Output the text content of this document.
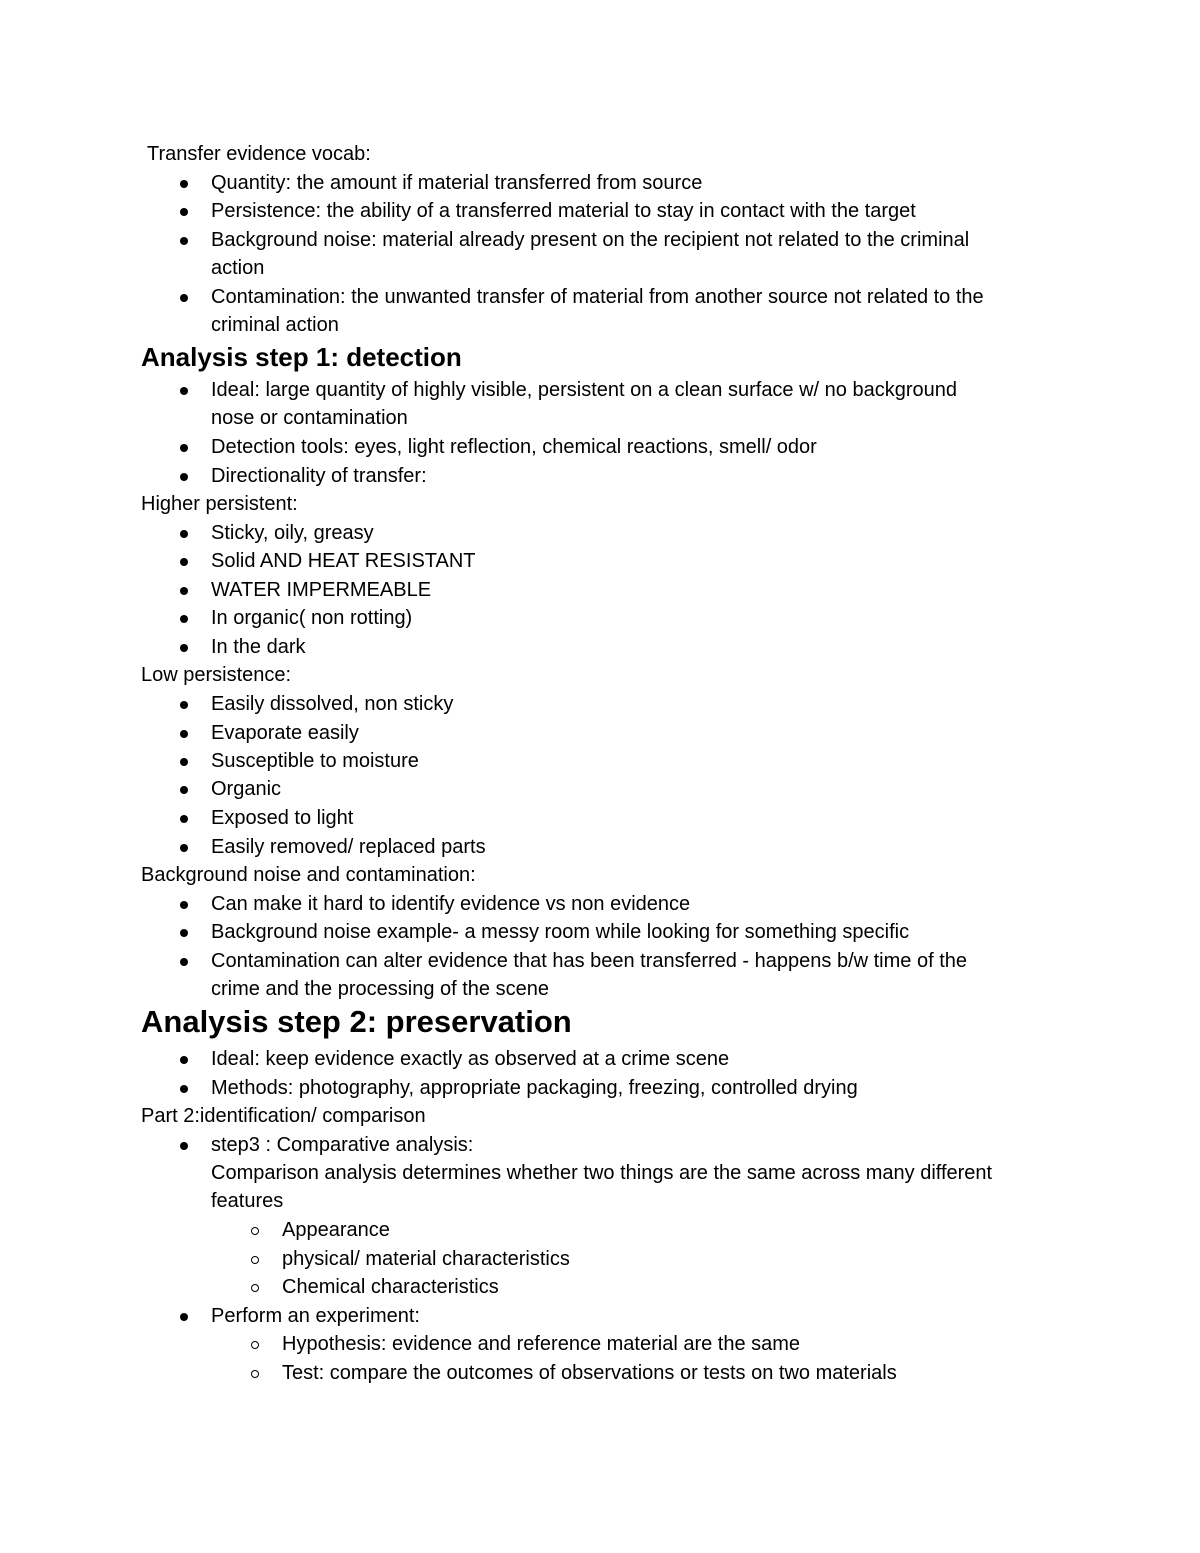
Transfer evidence vocab:
Quantity: the amount if material transferred from source
Persistence: the ability of a transferred material to stay in contact with the target
Background noise: material already present on the recipient not related to the criminal
action
Contamination: the unwanted transfer of material from another source not related to the
criminal action
Analysis step 1: detection
Ideal: large quantity of highly visible, persistent on a clean surface w/ no background
nose or contamination
Detection tools: eyes, light reflection, chemical reactions, smell/ odor
Directionality of transfer:
Higher persistent:
Sticky, oily, greasy
Solid AND HEAT RESISTANT
WATER IMPERMEABLE
In organic( non rotting)
In the dark
Low persistence:
Easily dissolved, non sticky
Evaporate easily
Susceptible to moisture
Organic
Exposed to light
Easily removed/ replaced parts
Background noise and contamination:
Can make it hard to identify evidence vs non evidence
Background noise example- a messy room while looking for something specific
Contamination can alter evidence that has been transferred - happens b/w time of the
crime and the processing of the scene
Analysis step 2: preservation
Ideal: keep evidence exactly as observed at a crime scene
Methods: photography, appropriate packaging, freezing, controlled drying
Part 2:identification/ comparison
step3 : Comparative analysis:
Comparison analysis determines whether two things are the same across many different
features
Appearance
physical/ material characteristics
Chemical characteristics
Perform an experiment:
Hypothesis: evidence and reference material are the same
Test: compare the outcomes of observations or tests on two materials
